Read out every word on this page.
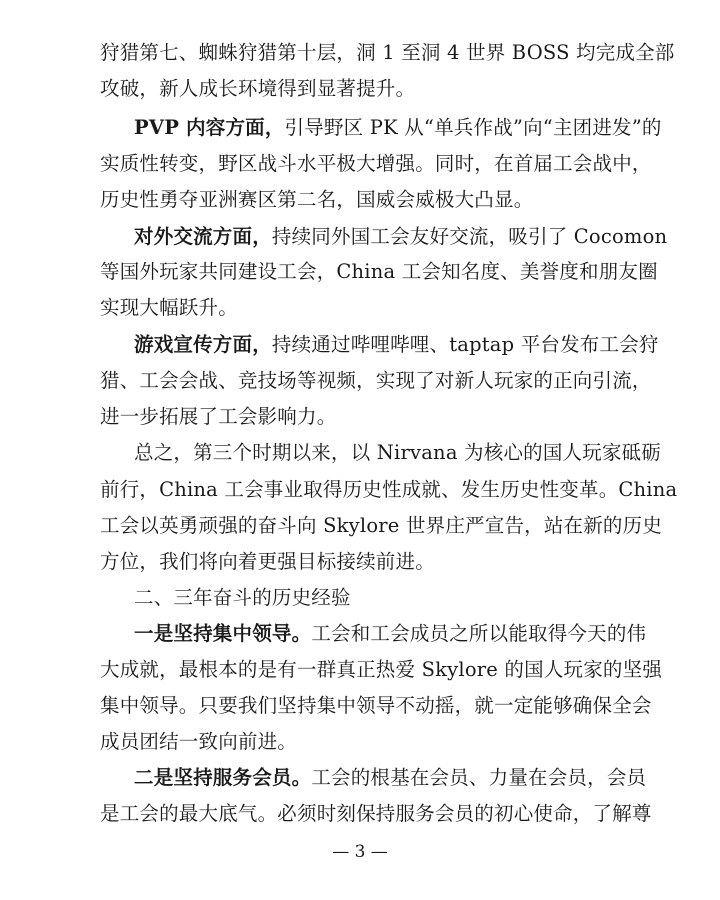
狩猎第七、蜘蛛狩猎第十层，洞 1 至洞 4 世界 BOSS 均完成全部
攻破，新人成长环境得到显著提升。
PVP 内容方面，引导野区 PK 从“单兵作战”向“主团进发”的
实质性转变，野区战斗水平极大增强。同时，在首届工会战中，
历史性勇夺亚洲赛区第二名，国威会威极大凸显。
对外交流方面，持续同外国工会友好交流，吸引了 Cocomon
等国外玩家共同建设工会，China 工会知名度、美誉度和朋友圈
实现大幅跃升。
游戏宣传方面，持续通过哔哩哔哩、taptap 平台发布工会狩
猎、工会会战、竞技场等视频，实现了对新人玩家的正向引流，
进一步拓展了工会影响力。
总之，第三个时期以来，以 Nirvana 为核心的国人玩家砥砺
前行，China 工会事业取得历史性成就、发生历史性变革。China
工会以英勇顽强的奋斗向 Skylore 世界庄严宣告，站在新的历史
方位，我们将向着更强目标接续前进。
二、三年奋斗的历史经验
一是坚持集中领导。工会和工会成员之所以能取得今天的伟
大成就，最根本的是有一群真正热爱 Skylore 的国人玩家的坚强
集中领导。只要我们坚持集中领导不动摇，就一定能够确保全会
成员团结一致向前进。
二是坚持服务会员。工会的根基在会员、力量在会员，会员
是工会的最大底气。必须时刻保持服务会员的初心使命，了解尊
— 3 —
